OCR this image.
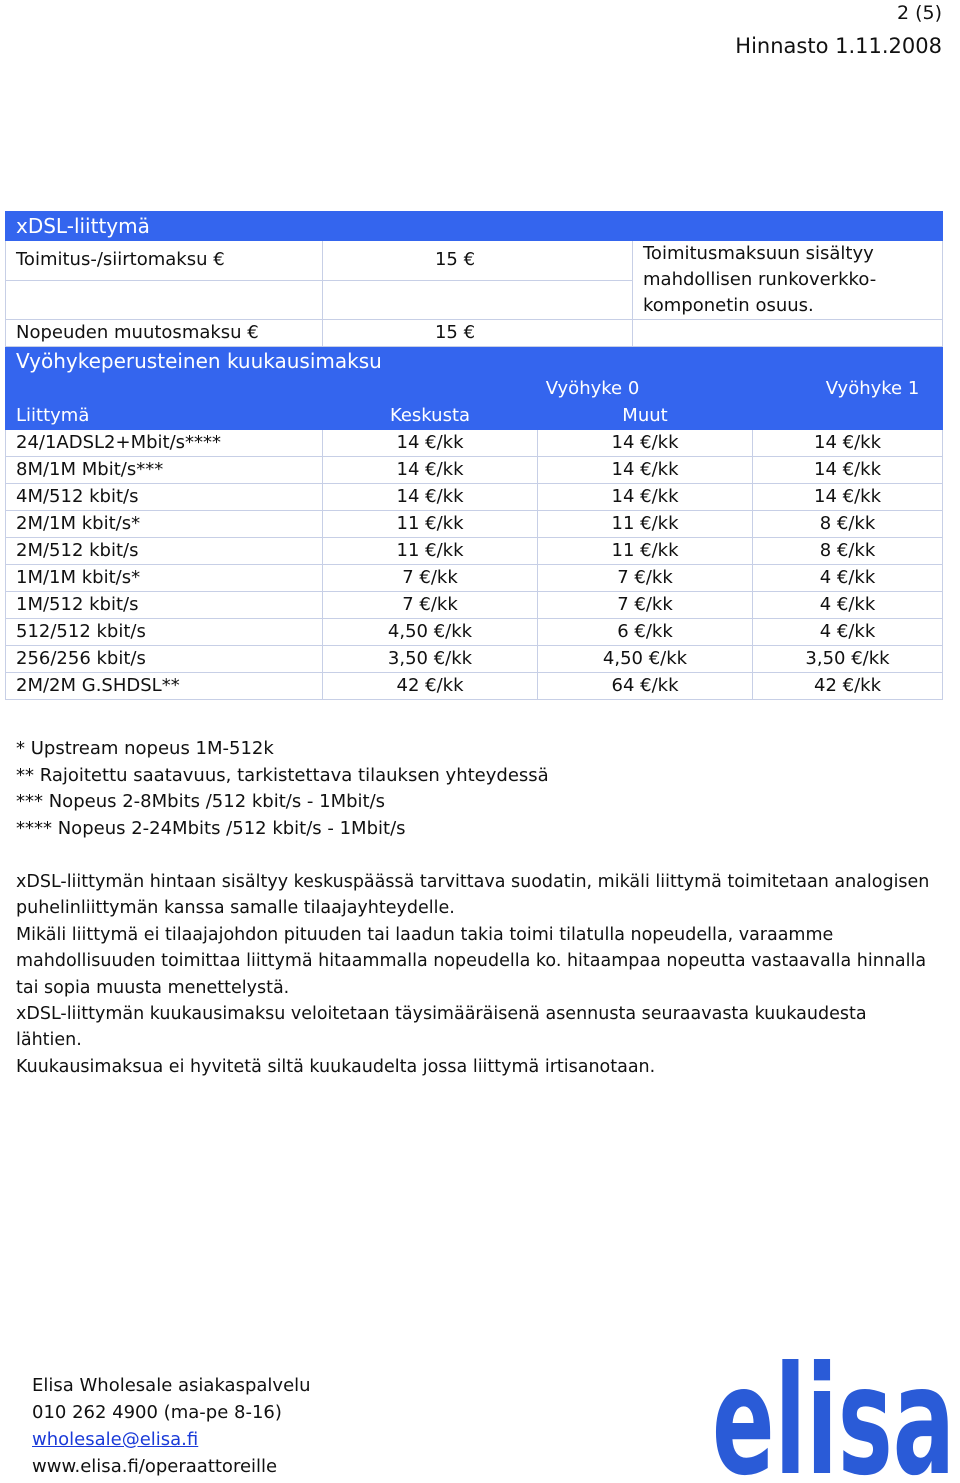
2 (5)
Hinnasto 1.11.2008
xDSL-liittymä				
Toimitus-/siirtomaksu €	15 €		Toimitusmaksuun sisältyy mahdollisen runkoverkko-komponetin osuus.	

Nopeuden muutosmaksu €	15 €			
Vyöhykeperusteinen kuukausimaksu				
	Vyöhyke 0			Vyöhyke 1
Liittymä	Keskusta	Muut		
24/1ADSL2+Mbit/s****	14 €/kk	14 €/kk		14 €/kk
8M/1M Mbit/s***	14 €/kk	14 €/kk		14 €/kk
4M/512 kbit/s	14 €/kk	14 €/kk		14 €/kk
2M/1M kbit/s*	11 €/kk	11 €/kk		8 €/kk
2M/512 kbit/s	11 €/kk	11 €/kk		8 €/kk
1M/1M kbit/s*	7 €/kk	7 €/kk		4 €/kk
1M/512 kbit/s	7 €/kk	7 €/kk		4 €/kk
512/512 kbit/s	4,50 €/kk	6 €/kk		4 €/kk
256/256 kbit/s	3,50 €/kk	4,50 €/kk		3,50 €/kk
2M/2M G.SHDSL**	42 €/kk	64 €/kk		42 €/kk
* Upstream nopeus 1M-512k
** Rajoitettu saatavuus, tarkistettava tilauksen yhteydessä
*** Nopeus 2-8Mbits /512 kbit/s - 1Mbit/s
**** Nopeus 2-24Mbits /512 kbit/s - 1Mbit/s
xDSL-liittymän hintaan sisältyy keskuspäässä tarvittava suodatin, mikäli liittymä toimitetaan analogisen puhelinliittymän kanssa samalle tilaajayhteydelle.
Mikäli liittymä ei tilaajajohdon pituuden tai laadun takia toimi tilatulla nopeudella, varaamme mahdollisuuden toimittaa liittymä hitaammalla nopeudella ko. hitaampaa nopeutta vastaavalla hinnalla tai sopia muusta menettelystä.
xDSL-liittymän kuukausimaksu veloitetaan täysimääräisenä asennusta seuraavasta kuukaudesta lähtien.
Kuukausimaksua ei hyvitetä siltä kuukaudelta jossa liittymä irtisanotaan.
Elisa Wholesale asiakaspalvelu
010 262 4900 (ma-pe 8-16)
wholesale@elisa.fi
www.elisa.fi/operaattoreille	elisa
